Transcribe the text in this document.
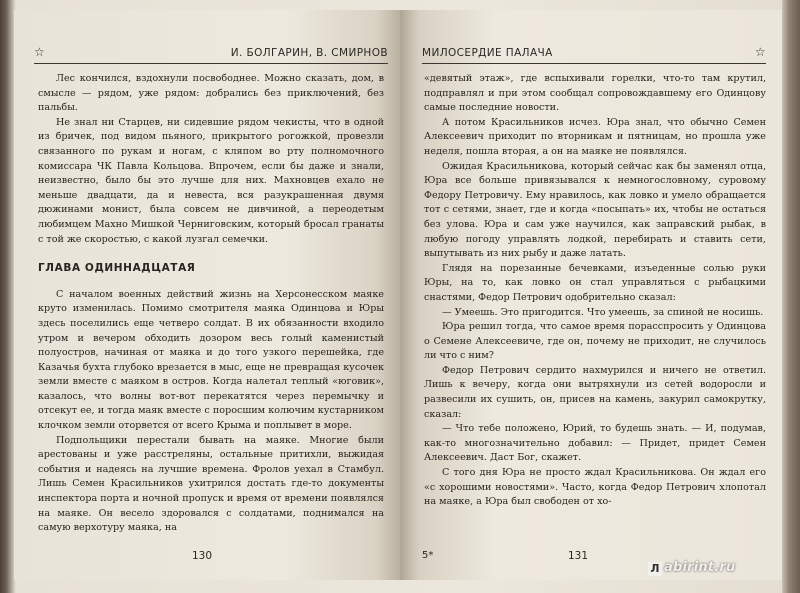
☆	И. БОЛГАРИН, В. СМИРНОВ

Лес кончился, вздохнули посвободнее. Можно сказать, дом, в смысле — рядом, уже рядом: добрались без приключений, без пальбы.

Не знал ни Старцев, ни сидевшие рядом чекисты, что в одной из бричек, под видом пьяного, прикрытого рогожкой, провезли связанного по рукам и ногам, с кляпом во рту полномочного комиссара ЧК Павла Кольцова. Впрочем, если бы даже и знали, неизвестно, было бы это лучше для них. Махновцев ехало не меньше двадцати, да и невеста, вся разукрашенная двумя дюжинами монист, была совсем не дивчиной, а переодетым любимцем Махно Мишкой Черниговским, который бросал гранаты с той же скоростью, с какой лузгал семечки.

ГЛАВА ОДИННАДЦАТАЯ

С началом военных действий жизнь на Херсонесском маяке круто изменилась. Помимо смотрителя маяка Одинцова и Юры здесь поселились еще четверо солдат. В их обязанности входило утром и вечером обходить дозором весь голый каменистый полуостров, начиная от маяка и до того узкого перешейка, где Казачья бухта глубоко врезается в мыс, еще не превращая кусочек земли вместе с маяком в остров. Когда налетал теплый «юговик», казалось, что волны вот-вот перекатятся через перемычку и отсекут ее, и тогда маяк вместе с поросшим колючим кустарником клочком земли оторвется от всего Крыма и поплывет в море.

Подпольщики перестали бывать на маяке. Многие были арестованы и уже расстреляны, остальные притихли, выжидая события и надеясь на лучшие времена. Фролов уехал в Стамбул. Лишь Семен Красильников ухитрился достать где-то документы инспектора порта и ночной пропуск и время от времени появлялся на маяке. Он весело здоровался с солдатами, поднимался на самую верхотуру маяка, на

130
МИЛОСЕРДИЕ ПАЛАЧА	☆

«девятый этаж», где вспыхивали горелки, что-то там крутил, подправлял и при этом сообщал сопровождавшему его Одинцову самые последние новости.

А потом Красильников исчез. Юра знал, что обычно Семен Алексеевич приходит по вторникам и пятницам, но прошла уже неделя, пошла вторая, а он на маяке не появлялся.

Ожидая Красильникова, который сейчас как бы заменял отца, Юра все больше привязывался к немногословному, суровому Федору Петровичу. Ему нравилось, как ловко и умело обращается тот с сетями, знает, где и когда «посыпать» их, чтобы не остаться без улова. Юра и сам уже научился, как заправский рыбак, в любую погоду управлять лодкой, перебирать и ставить сети, выпутывать из них рыбу и даже латать.

Глядя на порезанные бечевками, изъеденные солью руки Юры, на то, как ловко он стал управляться с рыбацкими снастями, Федор Петрович одобрительно сказал:

— Умеешь. Это пригодится. Что умеешь, за спиной не носишь.

Юра решил тогда, что самое время порасспросить у Одинцова о Семене Алексеевиче, где он, почему не приходит, не случилось ли что с ним?

Федор Петрович сердито нахмурился и ничего не ответил. Лишь к вечеру, когда они вытряхнули из сетей водоросли и развесили их сушить, он, присев на камень, закурил самокрутку, сказал:

— Что тебе положено, Юрий, то будешь знать. — И, подумав, как-то многозначительно добавил: — Придет, придет Семен Алексеевич. Даст Бог, скажет.

С того дня Юра не просто ждал Красильникова. Он ждал его «с хорошими новостями». Часто, когда Федор Петрович хлопотал на маяке, а Юра был свободен от хо-

5*	131
Л abirint.ru
